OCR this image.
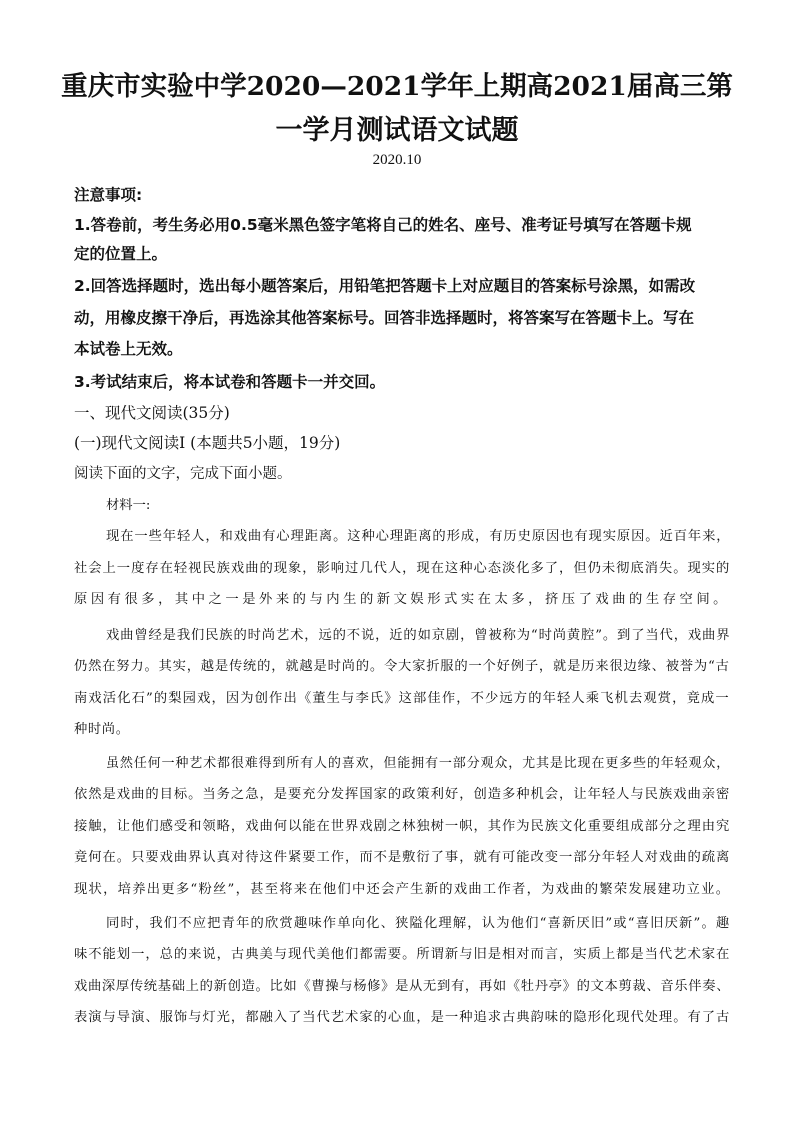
重庆市实验中学2020—2021学年上期高2021届高三第
一学月测试语文试题
2020.10
注意事项:
1.答卷前，考生务必用0.5毫米黑色签字笔将自己的姓名、座号、准考证号填写在答题卡规
定的位置上。
2.回答选择题时，选出每小题答案后，用铅笔把答题卡上对应题目的答案标号涂黑，如需改
动，用橡皮擦干净后，再选涂其他答案标号。回答非选择题时，将答案写在答题卡上。写在
本试卷上无效。
3.考试结束后，将本试卷和答题卡一并交回。
一、现代文阅读(35分)
(一)现代文阅读Ⅰ (本题共5小题，19分)
阅读下面的文字，完成下面小题。
材料一:
现在一些年轻人，和戏曲有心理距离。这种心理距离的形成，有历史原因也有现实原因。近百年来，
社会上一度存在轻视民族戏曲的现象，影响过几代人，现在这种心态淡化多了，但仍未彻底消失。现实的
原因有很多，其中之一是外来的与内生的新文娱形式实在太多，挤压了戏曲的生存空间。
戏曲曾经是我们民族的时尚艺术，远的不说，近的如京剧，曾被称为“时尚黄腔”。到了当代，戏曲界
仍然在努力。其实，越是传统的，就越是时尚的。令大家折服的一个好例子，就是历来很边缘、被誉为“古
南戏活化石”的梨园戏，因为创作出《董生与李氏》这部佳作，不少远方的年轻人乘飞机去观赏，竟成一
种时尚。
虽然任何一种艺术都很难得到所有人的喜欢，但能拥有一部分观众，尤其是比现在更多些的年轻观众，
依然是戏曲的目标。当务之急，是要充分发挥国家的政策利好，创造多种机会，让年轻人与民族戏曲亲密
接触，让他们感受和领略，戏曲何以能在世界戏剧之林独树一帜，其作为民族文化重要组成部分之理由究
竟何在。只要戏曲界认真对待这件紧要工作，而不是敷衍了事，就有可能改变一部分年轻人对戏曲的疏离
现状，培养出更多“粉丝”，甚至将来在他们中还会产生新的戏曲工作者，为戏曲的繁荣发展建功立业。
同时，我们不应把青年的欣赏趣味作单向化、狭隘化理解，认为他们“喜新厌旧”或“喜旧厌新”。趣
味不能划一，总的来说，古典美与现代美他们都需要。所谓新与旧是相对而言，实质上都是当代艺术家在
戏曲深厚传统基础上的新创造。比如《曹操与杨修》是从无到有，再如《牡丹亭》的文本剪裁、音乐伴奏、
表演与导演、服饰与灯光，都融入了当代艺术家的心血，是一种追求古典韵味的隐形化现代处理。有了古
